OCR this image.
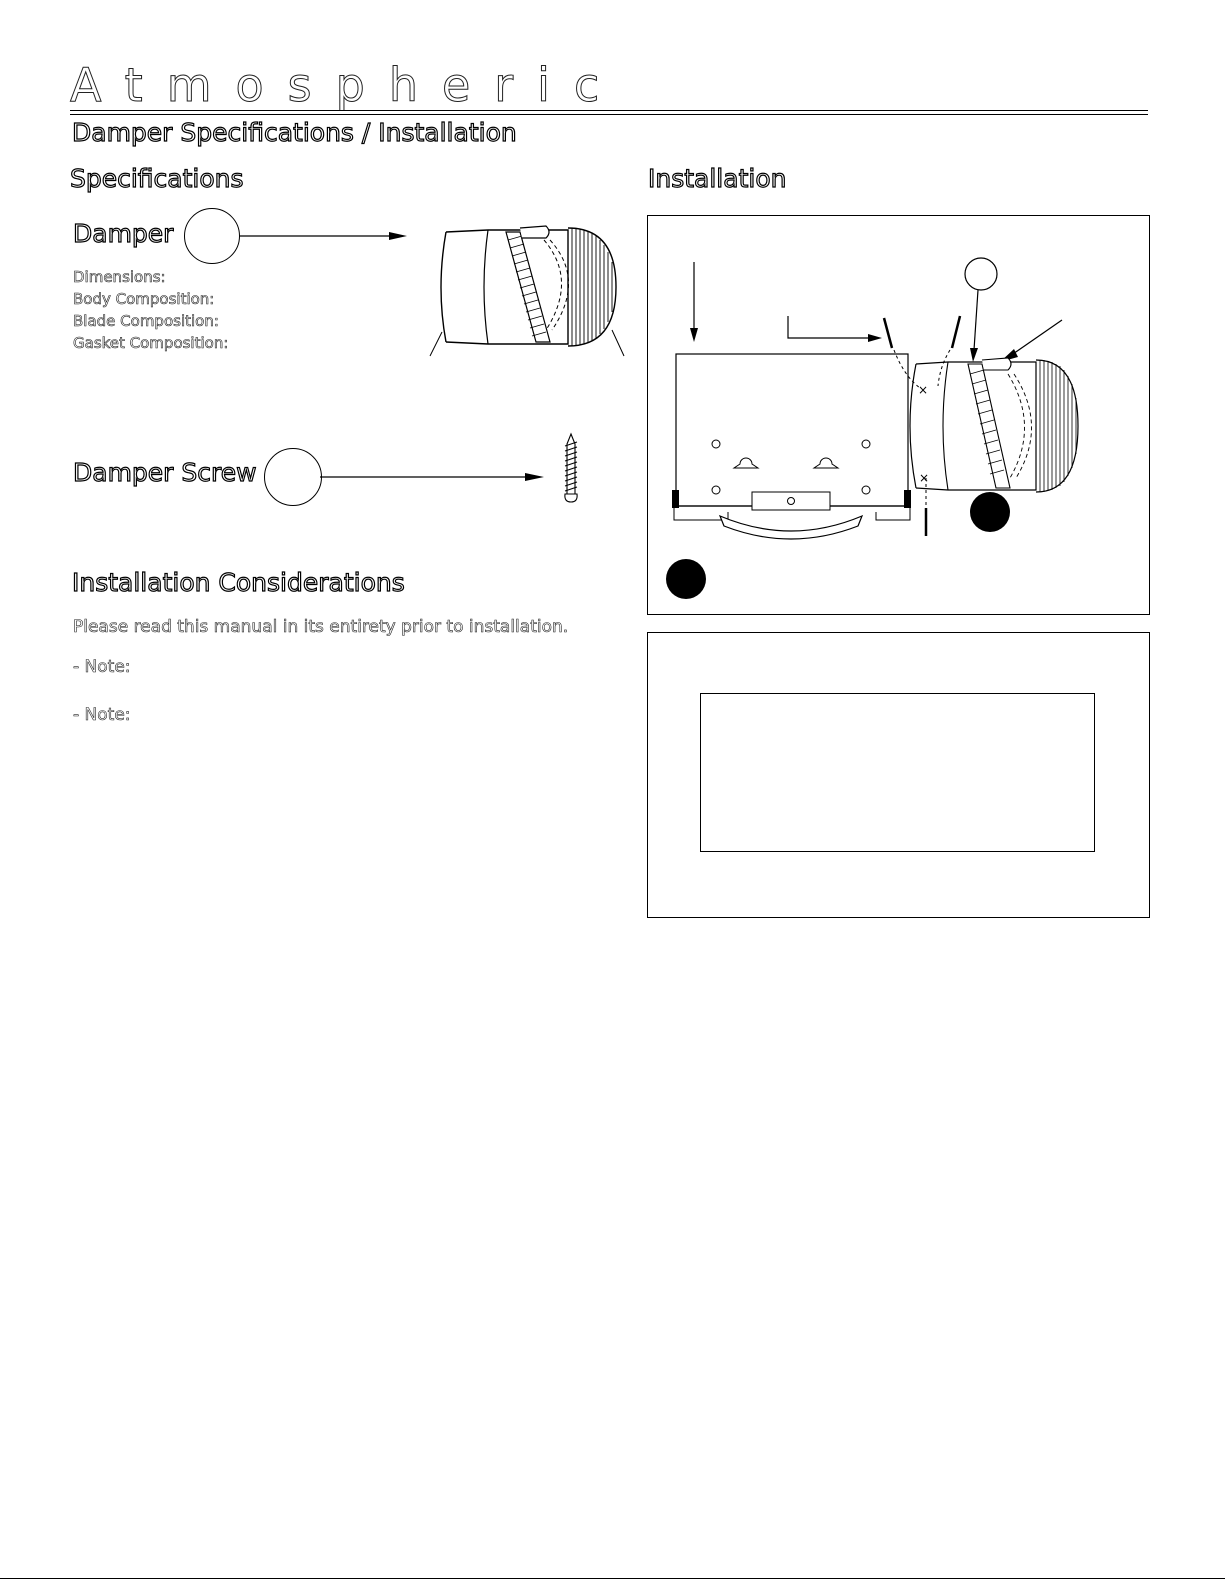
Atmospheric
Damper Specifications / Installation
Specifications	Installation
Damper
Dimensions:
Body Composition:
Blade Composition:
Gasket Composition:
Damper Screw
Installation Considerations
Please read this manual in its entirety prior to installation.
- Note:
- Note:
×
×
